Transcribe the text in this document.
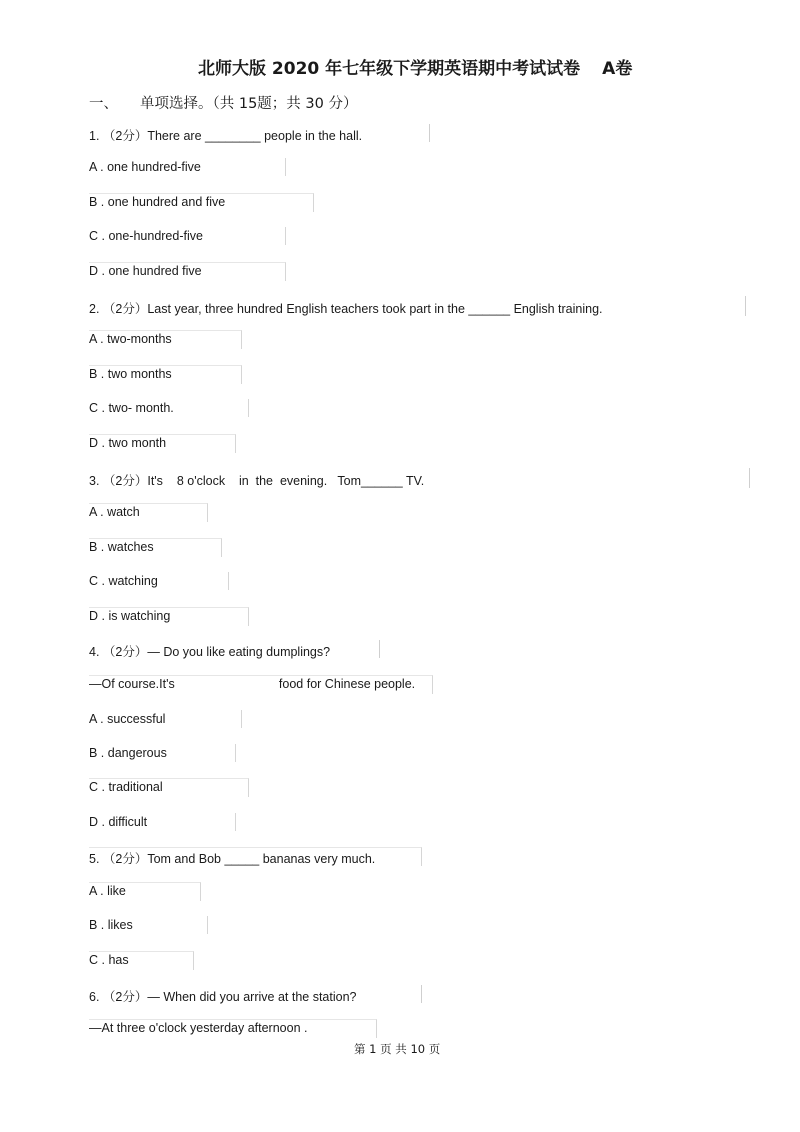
北师大版 2020 年七年级下学期英语期中考试试卷 A卷
一、 单项选择。（共 15题；共 30 分）
1. （2分）There are ________ people in the hall.
A . one hundred-five
B . one hundred and five
C . one-hundred-five
D . one hundred five
2. （2分）Last year, three hundred English teachers took part in the ______ English training.
A . two-months
B . two months
C . two- month.
D . two month
3. （2分）It's    8 o'clock    in  the  evening.   Tom______ TV.
A . watch
B . watches
C . watching
D . is watching
4. （2分）— Do you like eating dumplings?
—Of course.It's                              food for Chinese people.
A . successful
B . dangerous
C . traditional
D . difficult
5. （2分）Tom and Bob _____ bananas very much.
A . like
B . likes
C . has
6. （2分）— When did you arrive at the station?
—At three o'clock yesterday afternoon .
第 1 页 共 10 页
